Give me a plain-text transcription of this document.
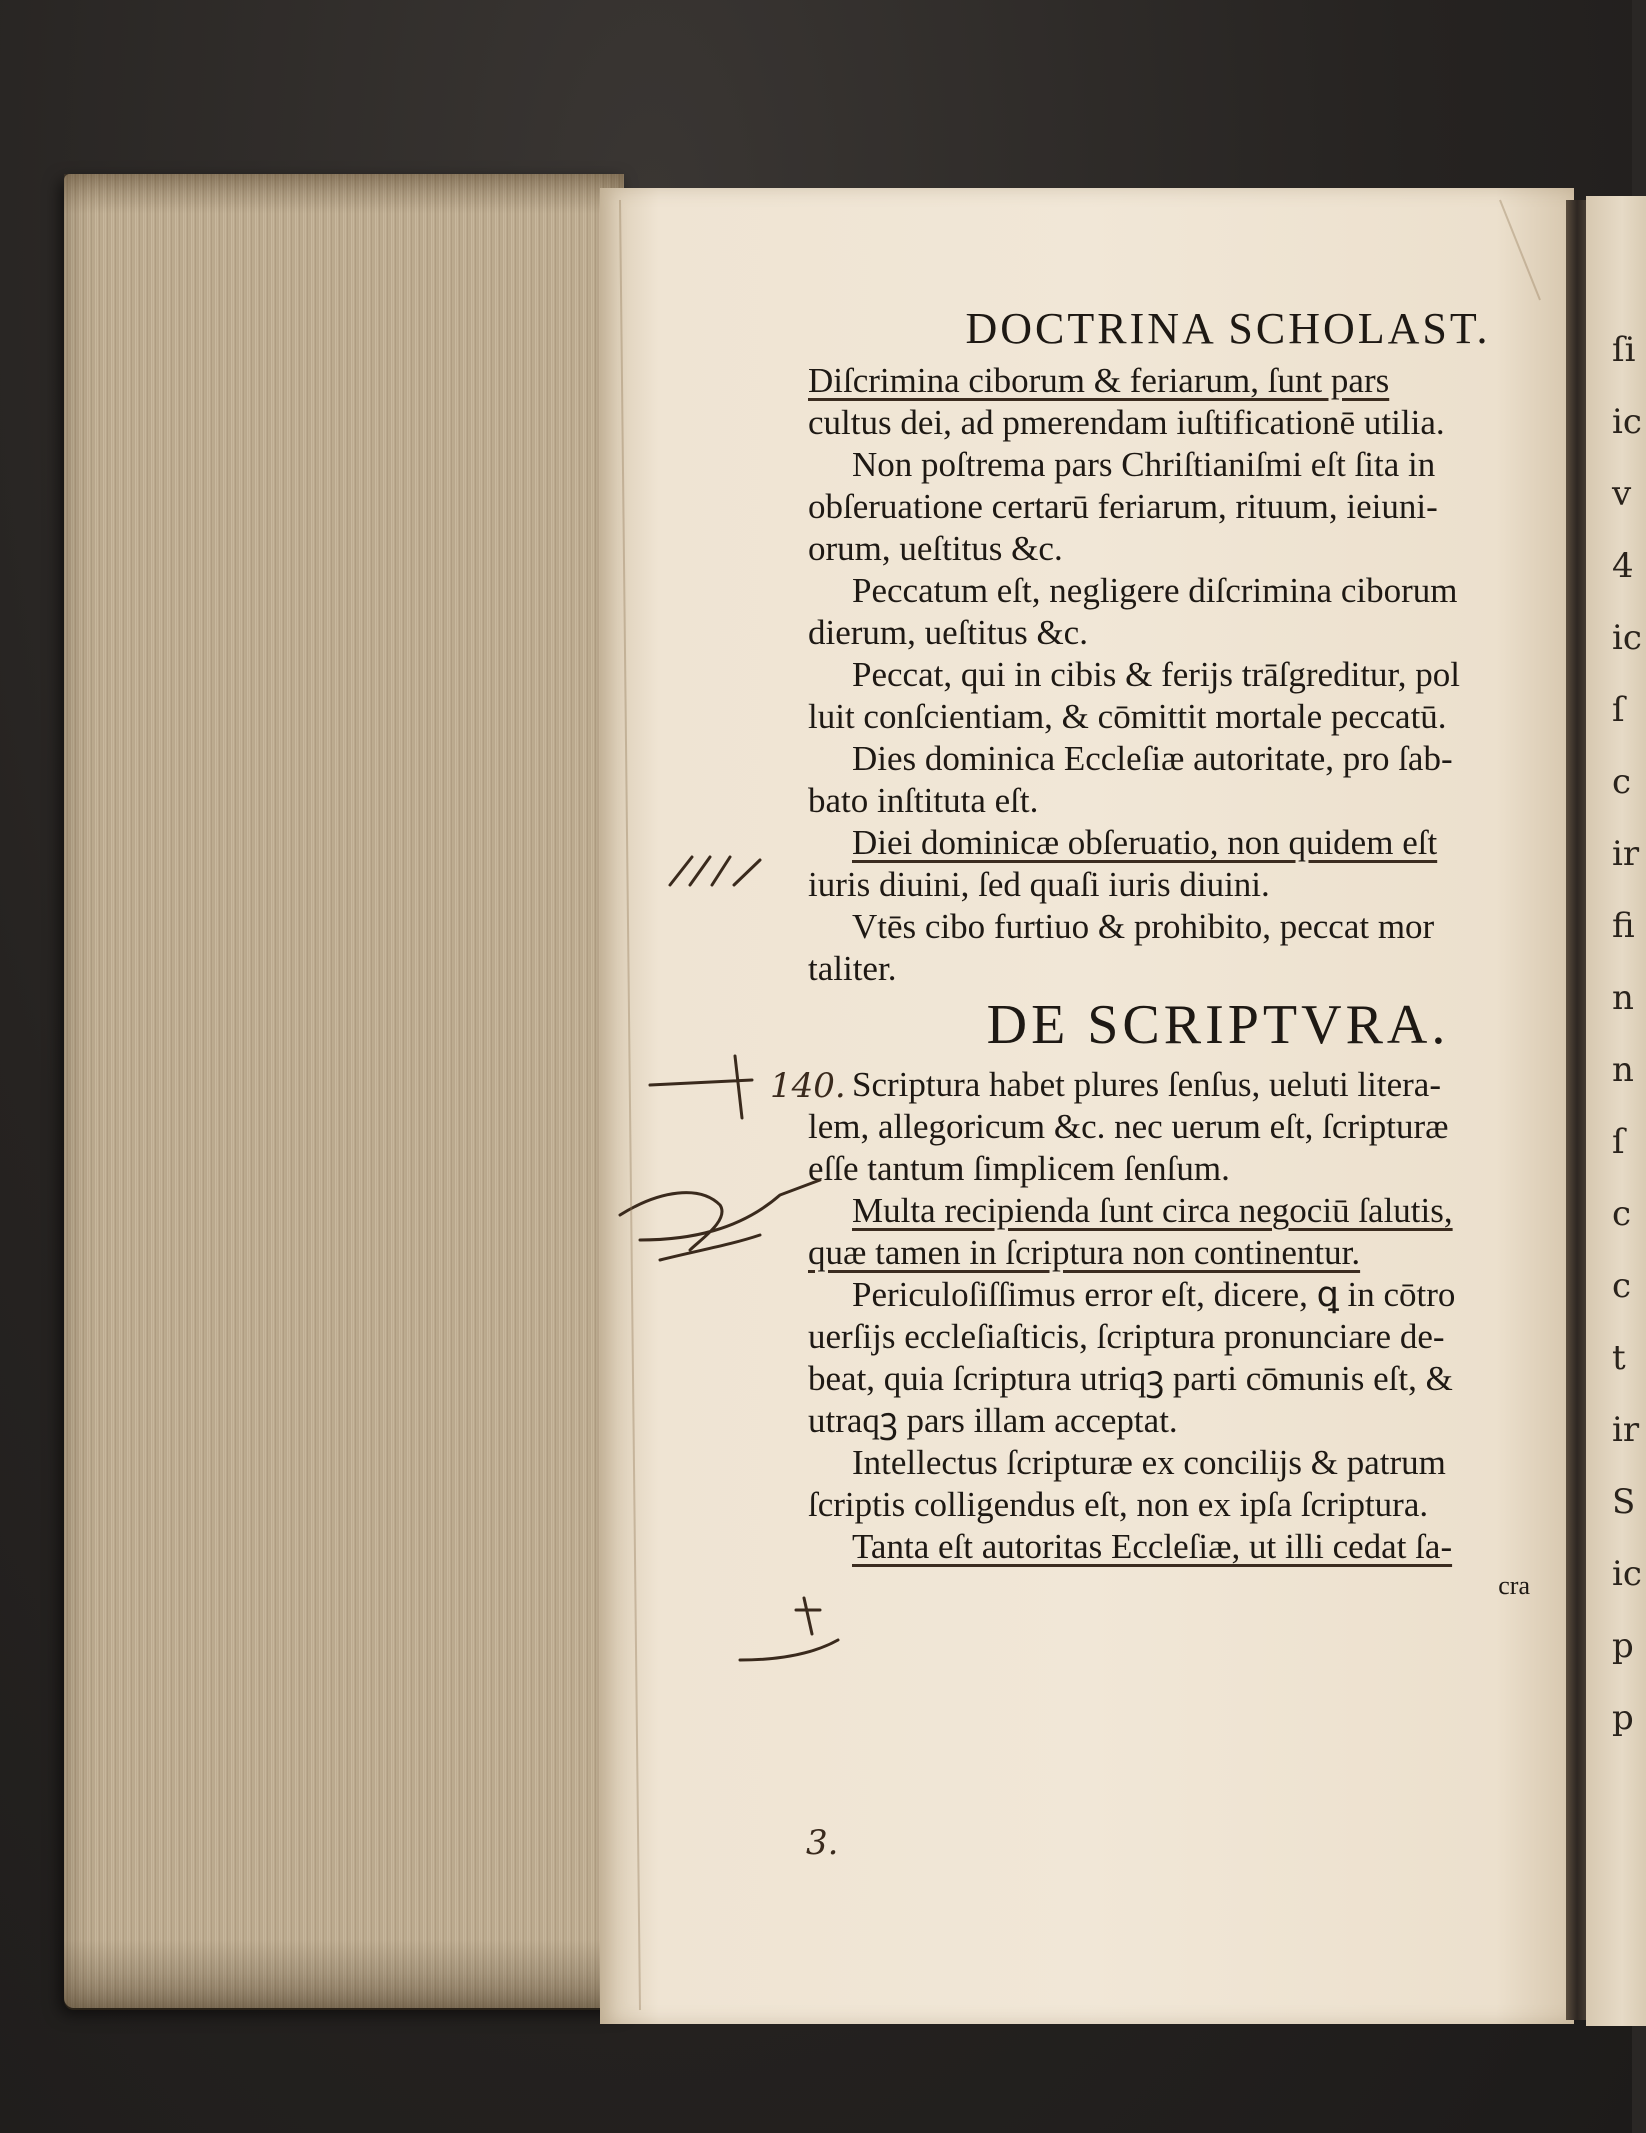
DOCTRINA SCHOLAST.
Diſcrimina ciborum & feriarum, ſunt pars
cultus dei, ad pmerendam iuſtificationē utilia.
Non poſtrema pars Chriſtianiſmi eſt ſita in
obſeruatione certarū feriarum, rituum, ieiuni-
orum, ueſtitus &c.
Peccatum eſt, negligere diſcrimina ciborum
dierum, ueſtitus &c.
Peccat, qui in cibis & ferijs trāſgreditur, pol
luit conſcientiam, & cōmittit mortale peccatū.
Dies dominica Eccleſiæ autoritate, pro ſab-
bato inſtituta eſt.
Diei dominicæ obſeruatio, non quidem eſt
iuris diuini, ſed quaſi iuris diuini.
Vtēs cibo furtiuo & prohibito, peccat mor
taliter.
DE SCRIPTVRA.
Scriptura habet plures ſenſus, ueluti litera-
lem, allegoricum &c. nec uerum eſt, ſcripturæ
eſſe tantum ſimplicem ſenſum.
Multa recipienda ſunt circa negociū ſalutis,
quæ tamen in ſcriptura non continentur.
Periculoſiſſimus error eſt, dicere, ꝗ in cōtro
uerſijs eccleſiaſticis, ſcriptura pronunciare de-
beat, quia ſcriptura utriqꝫ parti cōmunis eſt, &
utraqꝫ pars illam acceptat.
Intellectus ſcripturæ ex concilijs & patrum
ſcriptis colligendus eſt, non ex ipſa ſcriptura.
Tanta eſt autoritas Eccleſiæ, ut illi cedat ſa-
cra
140.
3.
ſi
ic
v
4
ic
ſ
c
ir
fi
n
n
ſ
c
c
t
ir
S
ic
p
p
